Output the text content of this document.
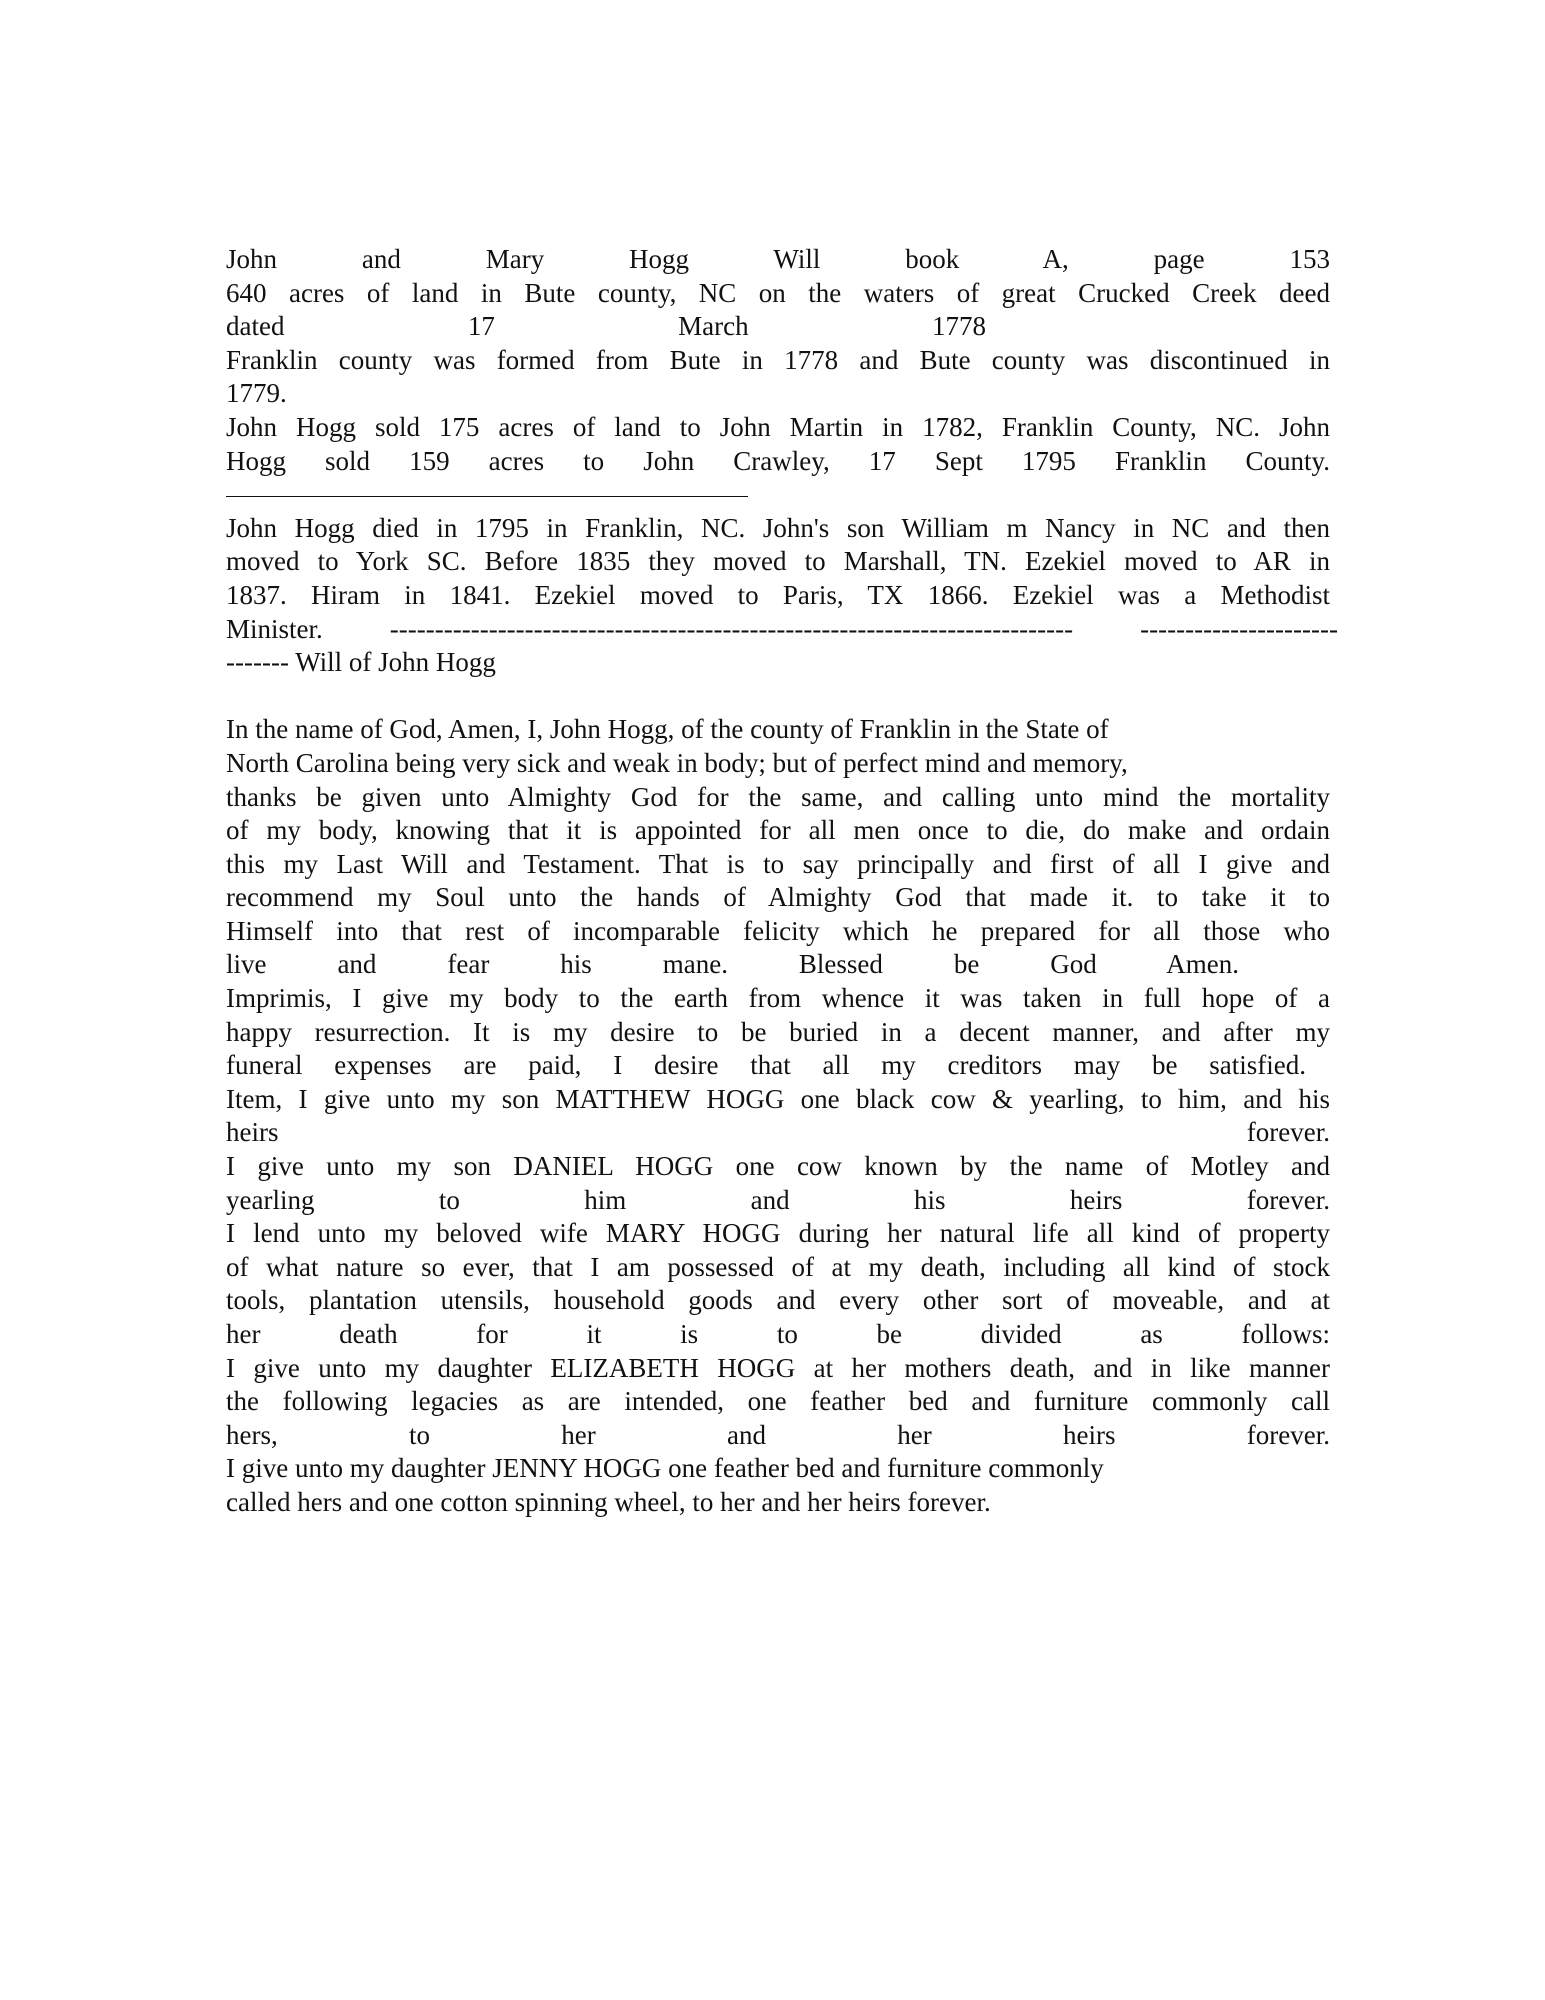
John and Mary Hogg Will book A, page 153
640 acres of land in Bute county, NC on the waters of great Crucked Creek deed
dated 17 March 1778
Franklin county was formed from Bute in 1778 and Bute county was discontinued in
1779.
John Hogg sold 175 acres of land to John Martin in 1782, Franklin County, NC. John
Hogg sold 159 acres to John Crawley, 17 Sept 1795 Franklin County.
John Hogg died in 1795 in Franklin, NC. John's son William m Nancy in NC and then
moved to York SC. Before 1835 they moved to Marshall, TN. Ezekiel moved to AR in
1837. Hiram in 1841. Ezekiel moved to Paris, TX 1866. Ezekiel was a Methodist
Minister. ---------------------------------------------------------------------------- ----------------------
------- Will of John Hogg
In the name of God, Amen, I, John Hogg, of the county of Franklin in the State of
North Carolina being very sick and weak in body; but of perfect mind and memory,
thanks be given unto Almighty God for the same, and calling unto mind the mortality
of my body, knowing that it is appointed for all men once to die, do make and ordain
this my Last Will and Testament. That is to say principally and first of all I give and
recommend my Soul unto the hands of Almighty God that made it. to take it to
Himself into that rest of incomparable felicity which he prepared for all those who
live and fear his mane. Blessed be God Amen.
Imprimis, I give my body to the earth from whence it was taken in full hope of a
happy resurrection. It is my desire to be buried in a decent manner, and after my
funeral expenses are paid, I desire that all my creditors may be satisfied.
Item, I give unto my son MATTHEW HOGG one black cow & yearling, to him, and his
heirs forever.
I give unto my son DANIEL HOGG one cow known by the name of Motley and
yearling to him and his heirs forever.
I lend unto my beloved wife MARY HOGG during her natural life all kind of property
of what nature so ever, that I am possessed of at my death, including all kind of stock
tools, plantation utensils, household goods and every other sort of moveable, and at
her death for it is to be divided as follows:
I give unto my daughter ELIZABETH HOGG at her mothers death, and in like manner
the following legacies as are intended, one feather bed and furniture commonly call
hers, to her and her heirs forever.
I give unto my daughter JENNY HOGG one feather bed and furniture commonly
called hers and one cotton spinning wheel, to her and her heirs forever.
